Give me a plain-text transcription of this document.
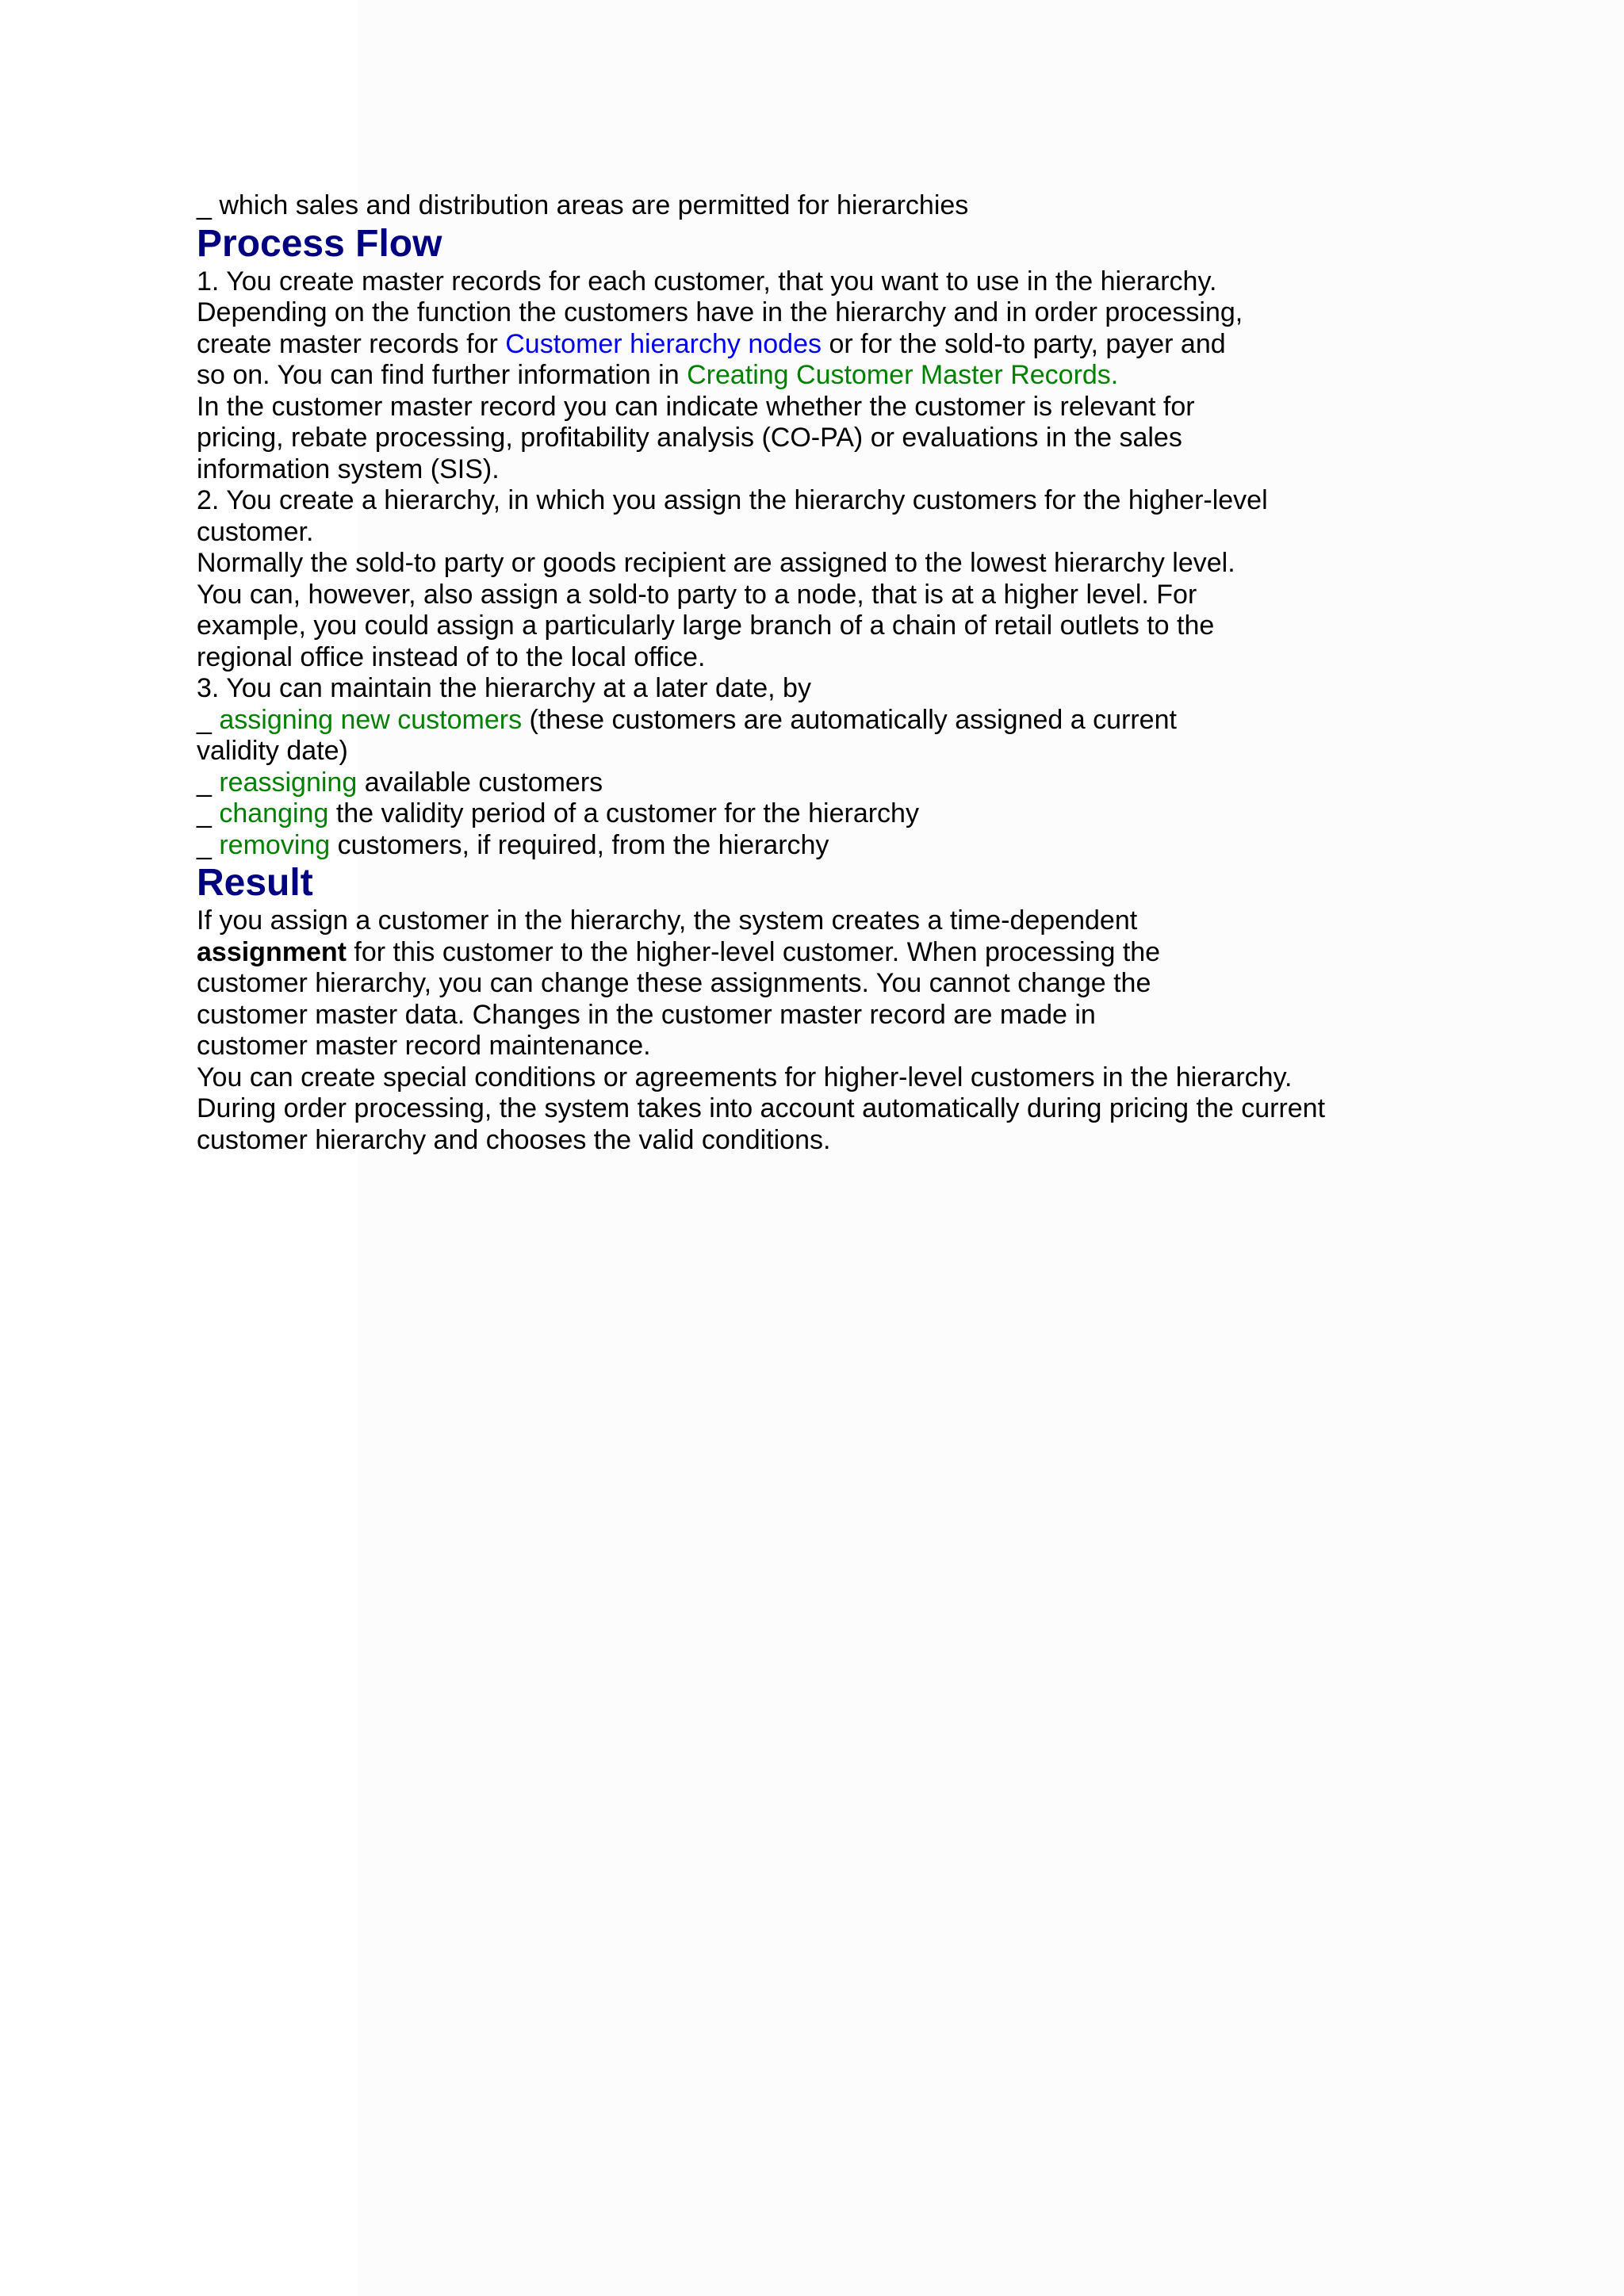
_ which sales and distribution areas are permitted for hierarchies
Process Flow
1. You create master records for each customer, that you want to use in the hierarchy.
Depending on the function the customers have in the hierarchy and in order processing,
create master records for Customer hierarchy nodes or for the sold-to party, payer and
so on. You can find further information in Creating Customer Master Records.
In the customer master record you can indicate whether the customer is relevant for
pricing, rebate processing, profitability analysis (CO-PA) or evaluations in the sales
information system (SIS).
2. You create a hierarchy, in which you assign the hierarchy customers for the higher-level
customer.
Normally the sold-to party or goods recipient are assigned to the lowest hierarchy level.
You can, however, also assign a sold-to party to a node, that is at a higher level. For
example, you could assign a particularly large branch of a chain of retail outlets to the
regional office instead of to the local office.
3. You can maintain the hierarchy at a later date, by
_ assigning new customers (these customers are automatically assigned a current
validity date)
_ reassigning available customers
_ changing the validity period of a customer for the hierarchy
_ removing customers, if required, from the hierarchy
Result
If you assign a customer in the hierarchy, the system creates a time-dependent
assignment for this customer to the higher-level customer. When processing the
customer hierarchy, you can change these assignments. You cannot change the
customer master data. Changes in the customer master record are made in
customer master record maintenance.
You can create special conditions or agreements for higher-level customers in the hierarchy.
During order processing, the system takes into account automatically during pricing the current
customer hierarchy and chooses the valid conditions.
